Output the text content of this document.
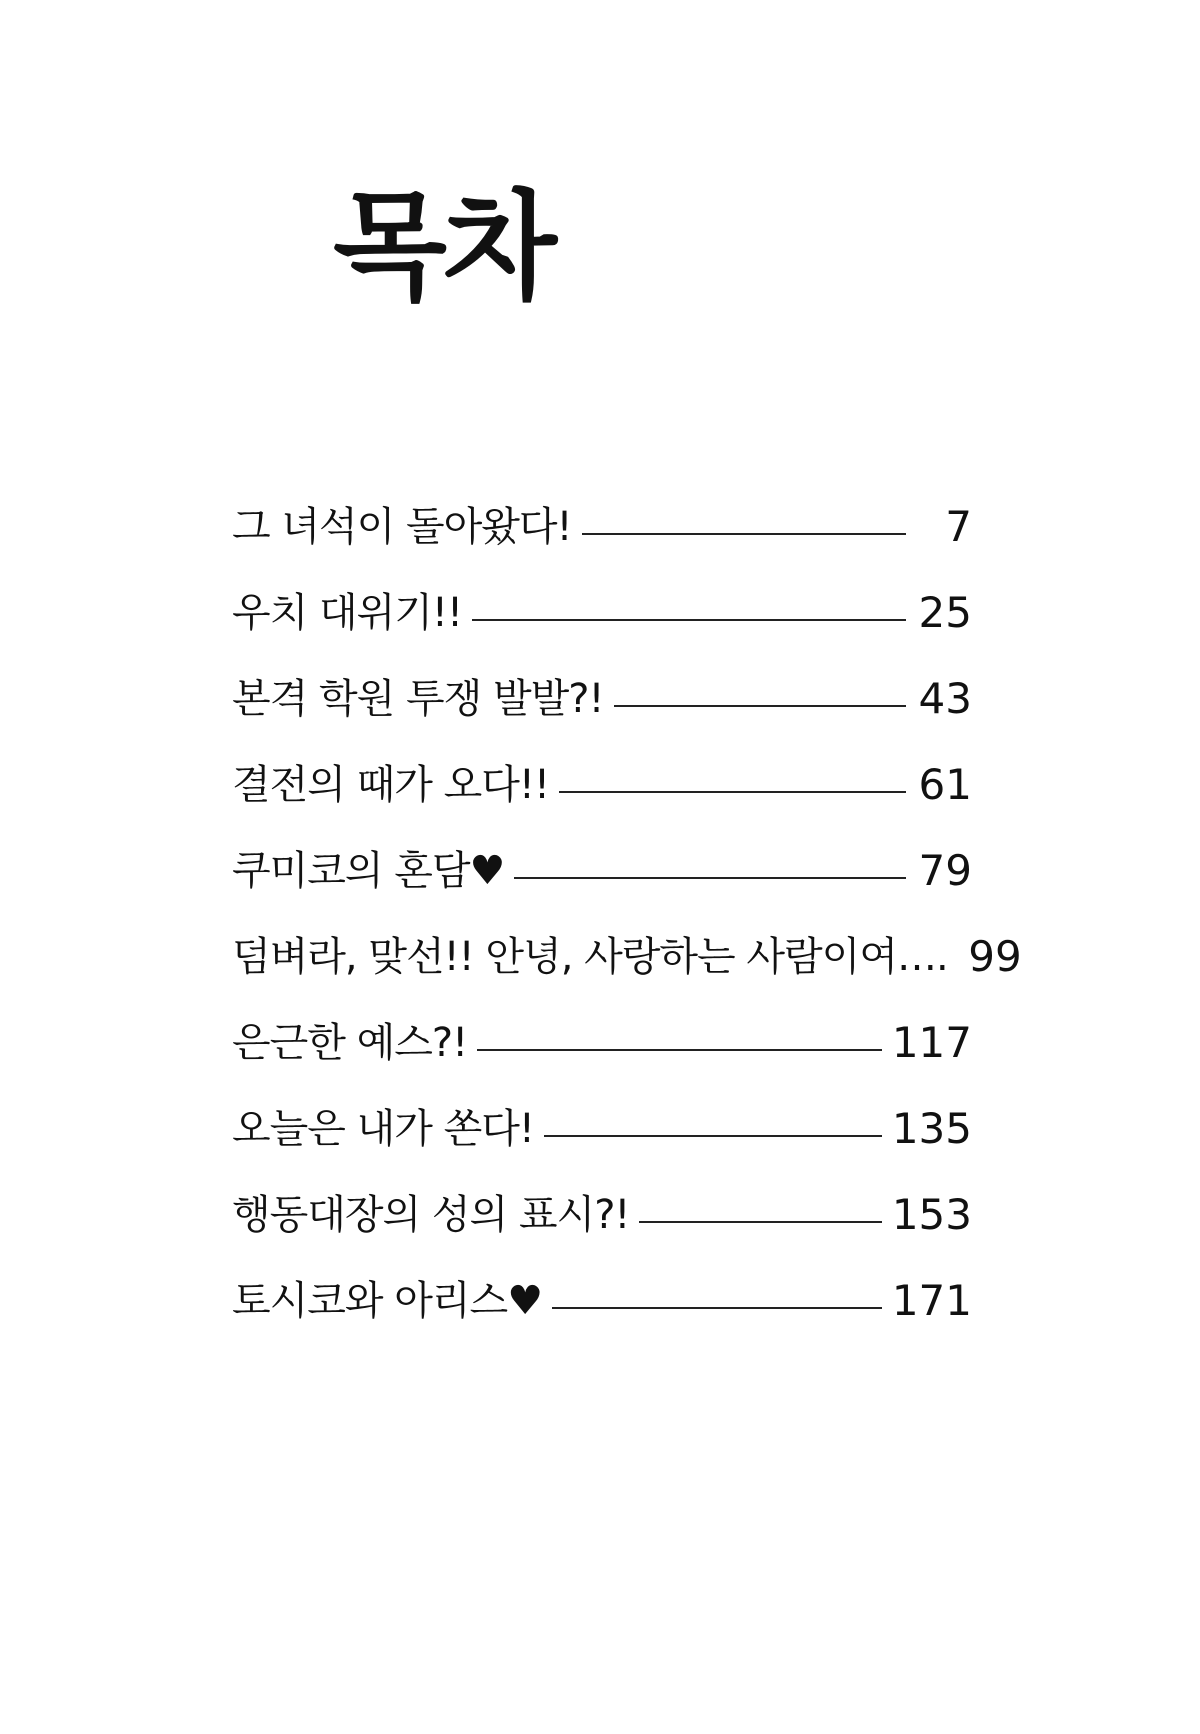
목차
그 녀석이 돌아왔다!	7
우치 대위기!!	25
본격 학원 투쟁 발발?!	43
결전의 때가 오다!!	61
쿠미코의 혼담♥	79
덤벼라, 맞선!! 안녕, 사랑하는 사람이여…. 99
은근한 예스?!	117
오늘은 내가 쏜다!	135
행동대장의 성의 표시?!	153
토시코와 아리스♥	171
